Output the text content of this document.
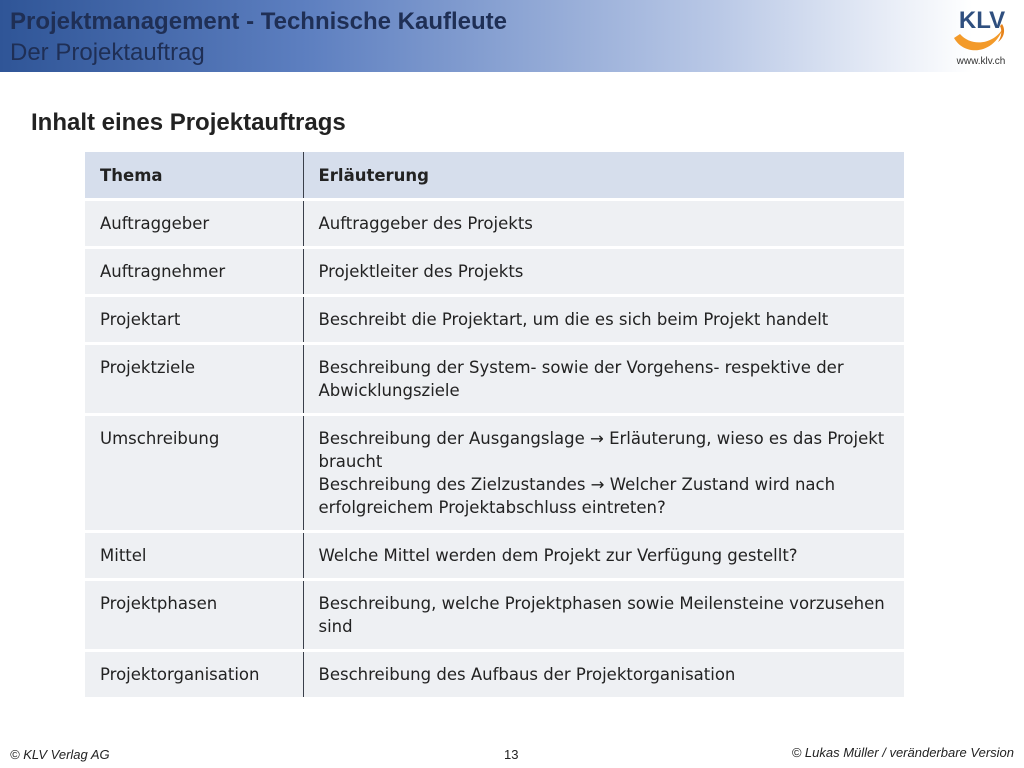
Projektmanagement - Technische Kaufleute
Der Projektauftrag
KLV
www.klv.ch
Inhalt eines Projektauftrags
Thema	Erläuterung
Auftraggeber	Auftraggeber des Projekts

Auftragnehmer	Projektleiter des Projekts

Projektart	Beschreibt die Projektart, um die es sich beim Projekt handelt

Projektziele	Beschreibung der System- sowie der Vorgehens- respektive der Abwicklungsziele

Umschreibung	Beschreibung der Ausgangslage → Erläuterung, wieso es das Projekt braucht
Beschreibung des Zielzustandes → Welcher Zustand wird nach erfolgreichem Projektabschluss eintreten?

Mittel	Welche Mittel werden dem Projekt zur Verfügung gestellt?

Projektphasen	Beschreibung, welche Projektphasen sowie Meilensteine vorzusehen sind

Projektorganisation	Beschreibung des Aufbaus der Projektorganisation
© KLV Verlag AG	13	© Lukas Müller / veränderbare Version
